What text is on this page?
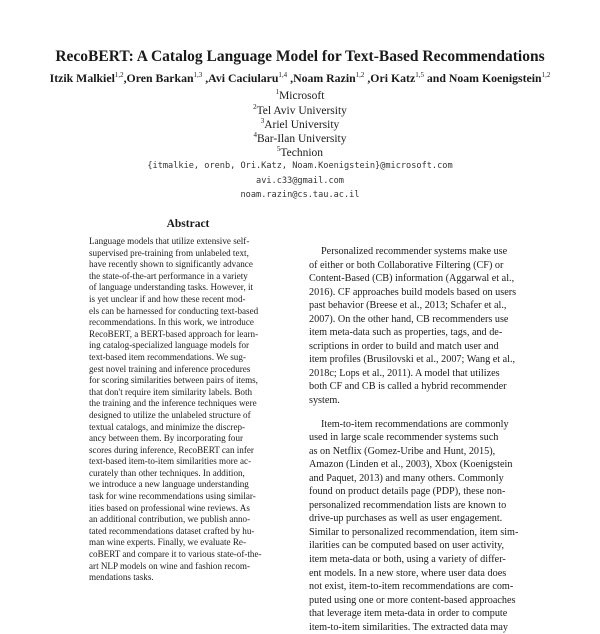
RecoBERT: A Catalog Language Model for Text-Based Recommendations
Itzik Malkiel$^{1,2}$,Oren Barkan$^{1,3}$ ,Avi Caciularu$^{1,4}$ ,Noam Razin$^{1,2}$ ,Ori Katz$^{1,5}$ and Noam Koenigstein$^{1,2}$
$^1$Microsoft
$^2$Tel Aviv University
$^3$Ariel University
$^4$Bar-Ilan University
$^5$Technion
{itmalkie, orenb, Ori.Katz, Noam.Koenigstein}@microsoft.com
avi.c33@gmail.com
noam.razin@cs.tau.ac.il
Abstract
Language models that utilize extensive self-
supervised pre-training from unlabeled text,
have recently shown to significantly advance
the state-of-the-art performance in a variety
of language understanding tasks. However, it
is yet unclear if and how these recent mod-
els can be harnessed for conducting text-based
recommendations. In this work, we introduce
RecoBERT, a BERT-based approach for learn-
ing catalog-specialized language models for
text-based item recommendations. We sug-
gest novel training and inference procedures
for scoring similarities between pairs of items,
that don't require item similarity labels. Both
the training and the inference techniques were
designed to utilize the unlabeled structure of
textual catalogs, and minimize the discrep-
ancy between them. By incorporating four
scores during inference, RecoBERT can infer
text-based item-to-item similarities more ac-
curately than other techniques. In addition,
we introduce a new language understanding
task for wine recommendations using similar-
ities based on professional wine reviews. As
an additional contribution, we publish anno-
tated recommendations dataset crafted by hu-
man wine experts. Finally, we evaluate Re-
coBERT and compare it to various state-of-the-
art NLP models on wine and fashion recom-
mendations tasks.
Personalized recommender systems make use
of either or both Collaborative Filtering (CF) or
Content-Based (CB) information (Aggarwal et al.,
2016). CF approaches build models based on users
past behavior (Breese et al., 2013; Schafer et al.,
2007). On the other hand, CB recommenders use
item meta-data such as properties, tags, and de-
scriptions in order to build and match user and
item profiles (Brusilovski et al., 2007; Wang et al.,
2018c; Lops et al., 2011). A model that utilizes
both CF and CB is called a hybrid recommender
system.
Item-to-item recommendations are commonly
used in large scale recommender systems such
as on Netflix (Gomez-Uribe and Hunt, 2015),
Amazon (Linden et al., 2003), Xbox (Koenigstein
and Paquet, 2013) and many others. Commonly
found on product details page (PDP), these non-
personalized recommendation lists are known to
drive-up purchases as well as user engagement.
Similar to personalized recommendation, item sim-
ilarities can be computed based on user activity,
item meta-data or both, using a variety of differ-
ent models. In a new store, where user data does
not exist, item-to-item recommendations are com-
puted using one or more content-based approaches
that leverage item meta-data in order to compute
item-to-item similarities. The extracted data may
